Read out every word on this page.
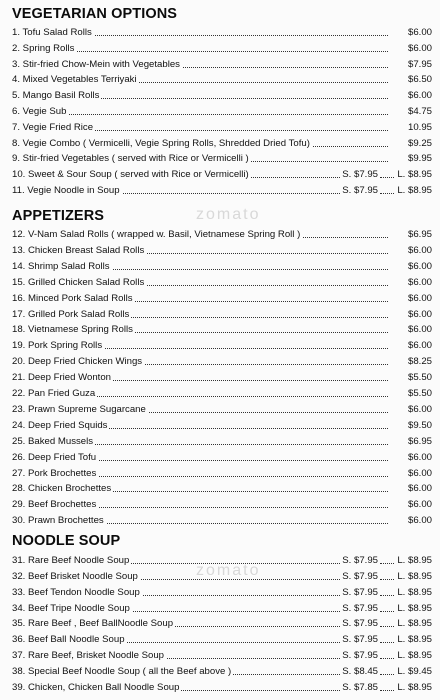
zomato
zomato
VEGETARIAN OPTIONS
1. Tofu Salad Rolls	$6.00
2. Spring Rolls	$6.00
3. Stir-fried Chow-Mein with Vegetables	$7.95
4. Mixed Vegetables Terriyaki	$6.50
5. Mango Basil Rolls	$6.00
6. Vegie Sub	$4.75
7. Vegie Fried Rice	10.95
8. Vegie Combo ( Vermicelli, Vegie Spring Rolls, Shredded Dried Tofu)	$9.25
9. Stir-fried Vegetables ( served with Rice or Vermicelli )	$9.95
10. Sweet & Sour Soup ( served with Rice or Vermicelli)	S. $7.95 L. $8.95
11. Vegie Noodle in Soup	S. $7.95 L. $8.95
APPETIZERS
12. V-Nam Salad Rolls ( wrapped w. Basil, Vietnamese Spring Roll )	$6.95
13. Chicken Breast Salad Rolls	$6.00
14. Shrimp Salad Rolls	$6.00
15. Grilled Chicken Salad Rolls	$6.00
16. Minced Pork Salad Rolls	$6.00
17. Grilled Pork Salad Rolls	$6.00
18. Vietnamese Spring Rolls	$6.00
19. Pork Spring Rolls	$6.00
20. Deep Fried Chicken Wings	$8.25
21. Deep Fried Wonton	$5.50
22. Pan Fried Guza	$5.50
23. Prawn Supreme Sugarcane	$6.00
24. Deep Fried Squids	$9.50
25. Baked Mussels	$6.95
26. Deep Fried Tofu	$6.00
27. Pork Brochettes	$6.00
28. Chicken Brochettes	$6.00
29. Beef Brochettes	$6.00
30. Prawn Brochettes	$6.00
NOODLE SOUP
31. Rare Beef Noodle Soup	S. $7.95 L. $8.95
32. Beef Brisket Noodle Soup	S. $7.95 L. $8.95
33. Beef Tendon Noodle Soup	S. $7.95 L. $8.95
34. Beef Tripe Noodle Soup	S. $7.95 L. $8.95
35. Rare Beef , Beef BallNoodle Soup	S. $7.95 L. $8.95
36. Beef Ball Noodle Soup	S. $7.95 L. $8.95
37. Rare Beef, Brisket Noodle Soup	S. $7.95 L. $8.95
38. Special Beef Noodle Soup ( all the Beef above )	S. $8.45 L. $9.45
39. Chicken, Chicken Ball Noodle Soup	S. $7.85 L. $8.95
